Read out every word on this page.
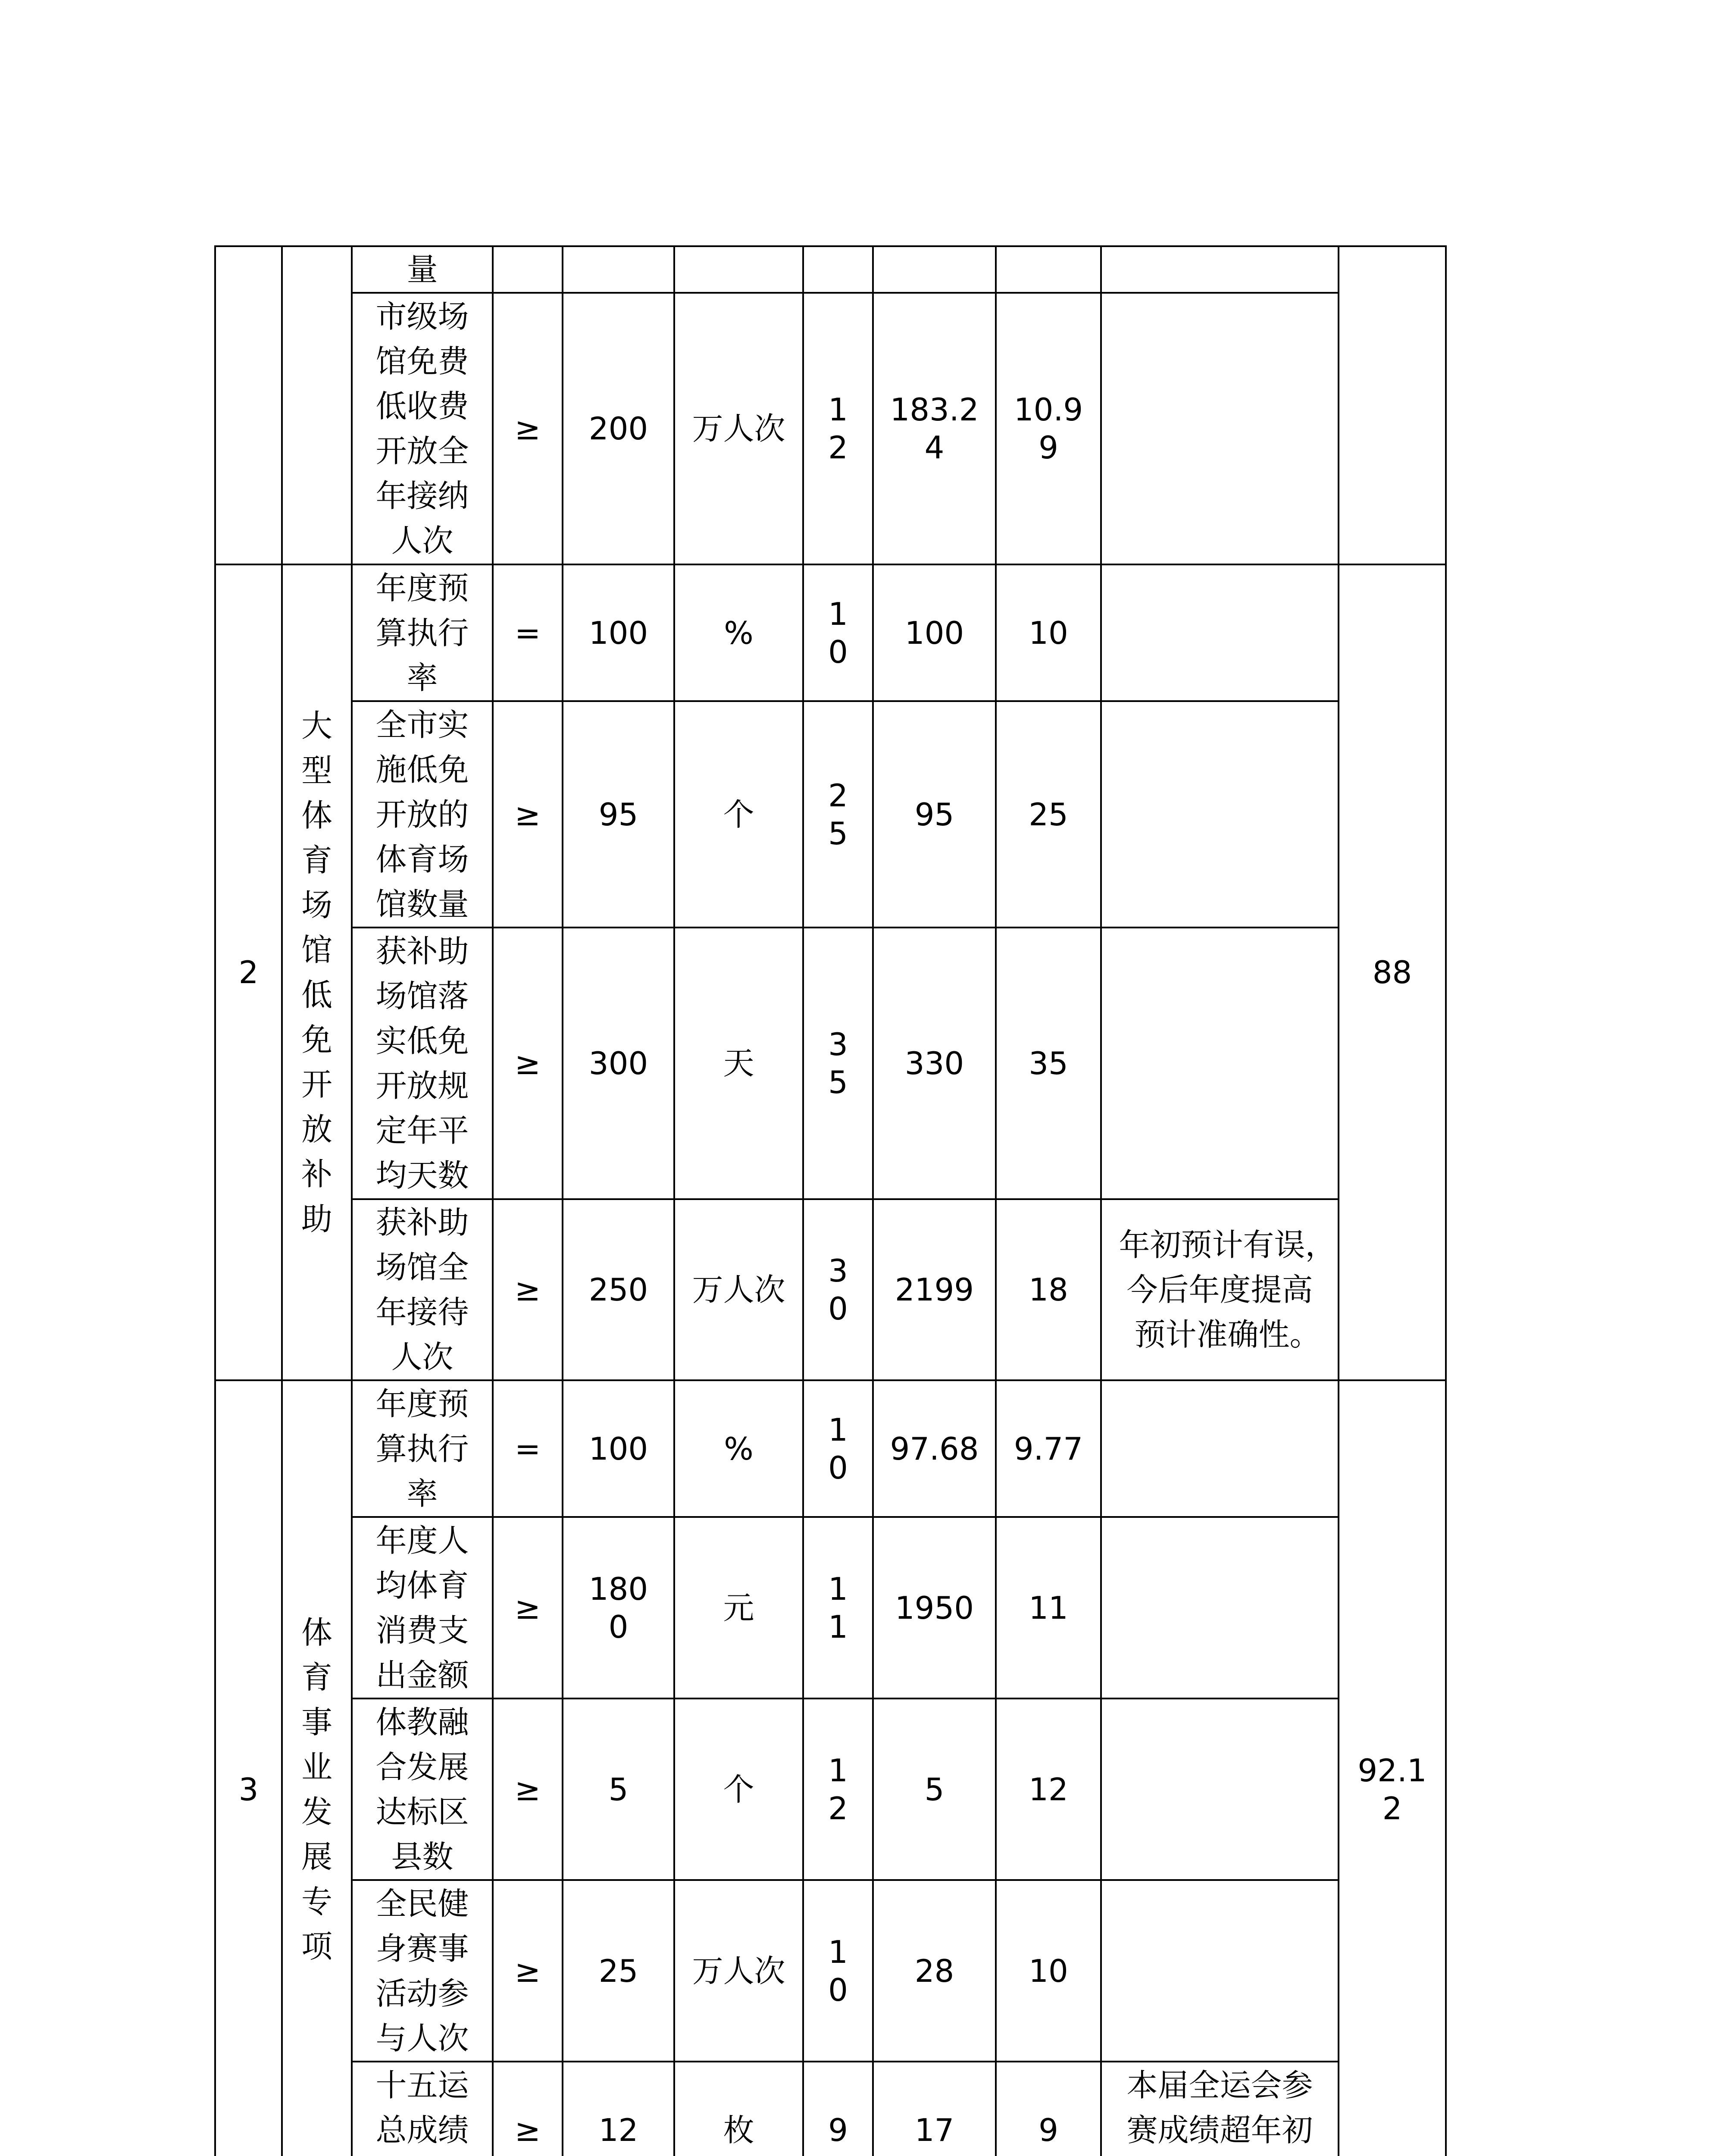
		量								

		市级场馆免费低收费开放全年接纳人次	≥	200	万人次	12	183.24	10.99		

2	大型体育场馆低免开放补助	年度预算执行率	=	100	%	10	100	10		88

		全市实施低免开放的体育场馆数量	≥	95	个	25	95	25		

		获补助场馆落实低免开放规定年平均天数	≥	300	天	35	330	35		

		获补助场馆全年接待人次	≥	250	万人次	30	2199	18	年初预计有误，今后年度提高预计准确性。	

3	体育事业发展专项	年度预算执行率	=	100	%	10	97.68	9.77		92.12

		年度人均体育消费支出金额	≥	1800	元	11	1950	11		

		体教融合发展达标区县数	≥	5	个	12	5	12		

		全民健身赛事活动参与人次	≥	25	万人次	10	28	10		

		十五运总成绩	≥	12	枚	9	17	9	本届全运会参赛成绩超年初	
